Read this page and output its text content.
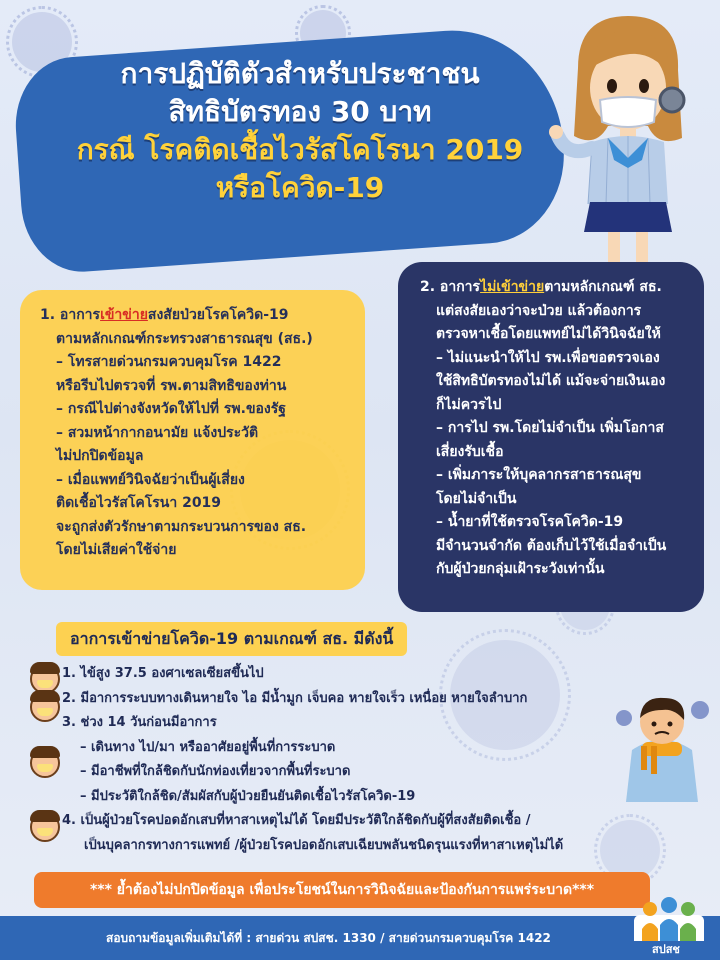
การปฏิบัติตัวสำหรับประชาชน

สิทธิบัตรทอง 30 บาท

กรณี โรคติดเชื้อไวรัสโคโรนา 2019

หรือโควิด-19

1. อาการเข้าข่ายสงสัยป่วยโรคโควิด-19
ตามหลักเกณฑ์กระทรวงสาธารณสุข (สธ.)
– โทรสายด่วนกรมควบคุมโรค 1422
หรือรีบไปตรวจที่ รพ.ตามสิทธิของท่าน
– กรณีไปต่างจังหวัดให้ไปที่ รพ.ของรัฐ
– สวมหน้ากากอนามัย แจ้งประวัติ
ไม่ปกปิดข้อมูล
– เมื่อแพทย์วินิจฉัยว่าเป็นผู้เสี่ยง
ติดเชื้อไวรัสโคโรนา 2019
จะถูกส่งตัวรักษาตามกระบวนการของ สธ.
โดยไม่เสียค่าใช้จ่าย
2. อาการไม่เข้าข่ายตามหลักเกณฑ์ สธ.
แต่สงสัยเองว่าจะป่วย แล้วต้องการ
ตรวจหาเชื้อโดยแพทย์ไม่ได้วินิจฉัยให้
– ไม่แนะนำให้ไป รพ.เพื่อขอตรวจเอง
ใช้สิทธิบัตรทองไม่ได้ แม้จะจ่ายเงินเอง
ก็ไม่ควรไป
– การไป รพ.โดยไม่จำเป็น เพิ่มโอกาส
เสี่ยงรับเชื้อ
– เพิ่มภาระให้บุคลากรสาธารณสุข
โดยไม่จำเป็น
– น้ำยาที่ใช้ตรวจโรคโควิด-19
มีจำนวนจำกัด ต้องเก็บไว้ใช้เมื่อจำเป็น
กับผู้ป่วยกลุ่มเฝ้าระวังเท่านั้น
อาการเข้าข่ายโควิด-19 ตามเกณฑ์ สธ. มีดังนี้
1. ไข้สูง 37.5 องศาเซลเซียสขึ้นไป
2. มีอาการระบบทางเดินหายใจ ไอ มีน้ำมูก เจ็บคอ หายใจเร็ว เหนื่อย หายใจลำบาก
3. ช่วง 14 วันก่อนมีอาการ
– เดินทาง ไป/มา หรืออาศัยอยู่พื้นที่การระบาด
– มีอาชีพที่ใกล้ชิดกับนักท่องเที่ยวจากพื้นที่ระบาด
– มีประวัติใกล้ชิด/สัมผัสกับผู้ป่วยยืนยันติดเชื้อไวรัสโควิด-19
4. เป็นผู้ป่วยโรคปอดอักเสบที่หาสาเหตุไม่ได้ โดยมีประวัติใกล้ชิดกับผู้ที่สงสัยติดเชื้อ /
เป็นบุคลากรทางการแพทย์ /ผู้ป่วยโรคปอดอักเสบเฉียบพลันชนิดรุนแรงที่หาสาเหตุไม่ได้
*** ย้ำต้องไม่ปกปิดข้อมูล เพื่อประโยชน์ในการวินิจฉัยและป้องกันการแพร่ระบาด***
สอบถามข้อมูลเพิ่มเติมได้ที่ : สายด่วน สปสช. 1330 / สายด่วนกรมควบคุมโรค 1422
สปสช
